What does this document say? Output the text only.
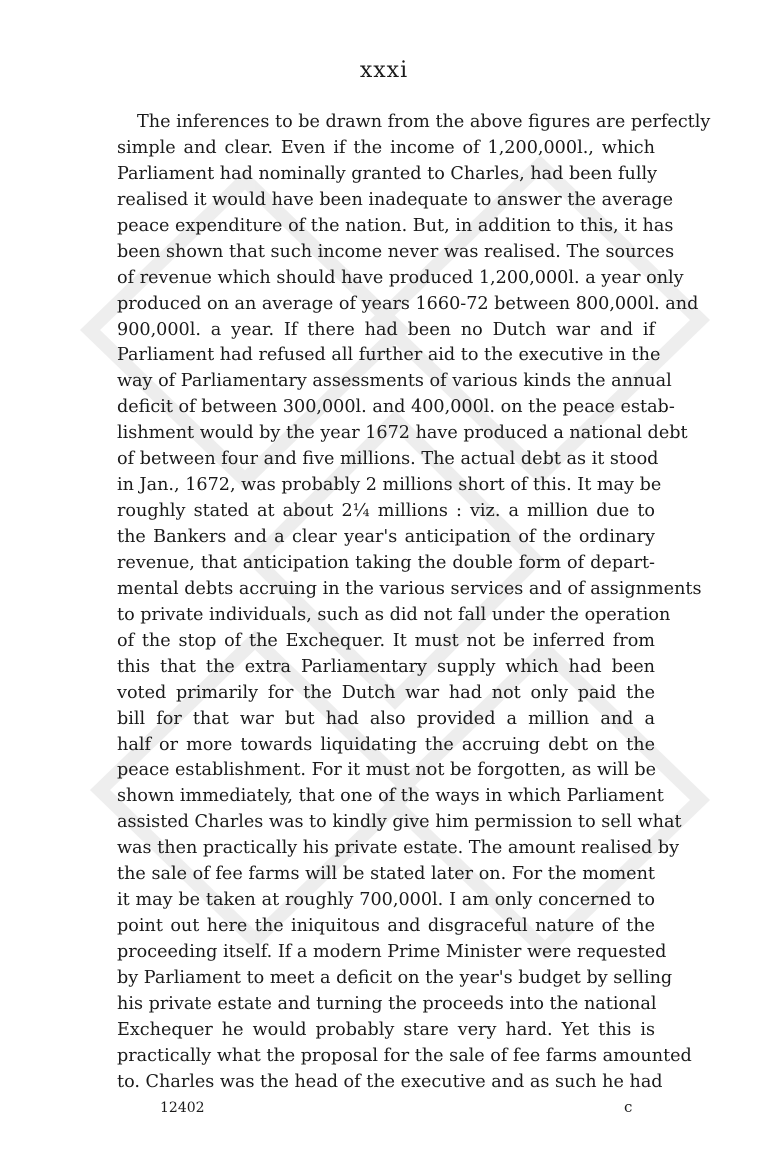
xxxi
The inferences to be drawn from the above figures are perfectly
simple and clear. Even if the income of 1,200,000l., which
Parliament had nominally granted to Charles, had been fully
realised it would have been inadequate to answer the average
peace expenditure of the nation. But, in addition to this, it has
been shown that such income never was realised. The sources
of revenue which should have produced 1,200,000l. a year only
produced on an average of years 1660-72 between 800,000l. and
900,000l. a year. If there had been no Dutch war and if
Parliament had refused all further aid to the executive in the
way of Parliamentary assessments of various kinds the annual
deficit of between 300,000l. and 400,000l. on the peace estab-
lishment would by the year 1672 have produced a national debt
of between four and five millions. The actual debt as it stood
in Jan., 1672, was probably 2 millions short of this. It may be
roughly stated at about 2¼ millions : viz. a million due to
the Bankers and a clear year's anticipation of the ordinary
revenue, that anticipation taking the double form of depart-
mental debts accruing in the various services and of assignments
to private individuals, such as did not fall under the operation
of the stop of the Exchequer. It must not be inferred from
this that the extra Parliamentary supply which had been
voted primarily for the Dutch war had not only paid the
bill for that war but had also provided a million and a
half or more towards liquidating the accruing debt on the
peace establishment. For it must not be forgotten, as will be
shown immediately, that one of the ways in which Parliament
assisted Charles was to kindly give him permission to sell what
was then practically his private estate. The amount realised by
the sale of fee farms will be stated later on. For the moment
it may be taken at roughly 700,000l. I am only concerned to
point out here the iniquitous and disgraceful nature of the
proceeding itself. If a modern Prime Minister were requested
by Parliament to meet a deficit on the year's budget by selling
his private estate and turning the proceeds into the national
Exchequer he would probably stare very hard. Yet this is
practically what the proposal for the sale of fee farms amounted
to. Charles was the head of the executive and as such he had
12402	c
